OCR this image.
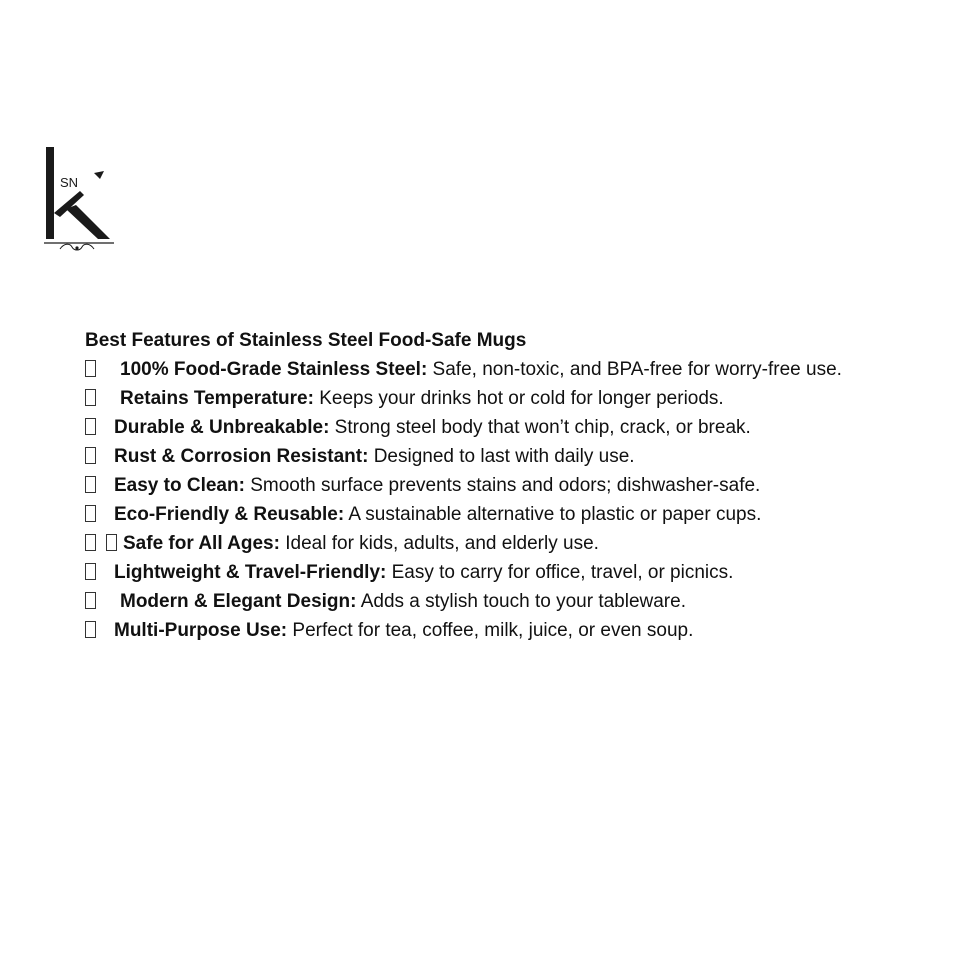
SN

Best Features of Stainless Steel Food-Safe Mugs

100% Food-Grade Stainless Steel: Safe, non-toxic, and BPA-free for worry-free use.
Retains Temperature: Keeps your drinks hot or cold for longer periods.
Durable & Unbreakable: Strong steel body that won’t chip, crack, or break.
Rust & Corrosion Resistant: Designed to last with daily use.
Easy to Clean: Smooth surface prevents stains and odors; dishwasher-safe.
Eco-Friendly & Reusable: A sustainable alternative to plastic or paper cups.
Safe for All Ages: Ideal for kids, adults, and elderly use.
Lightweight & Travel-Friendly: Easy to carry for office, travel, or picnics.
Modern & Elegant Design: Adds a stylish touch to your tableware.
Multi-Purpose Use: Perfect for tea, coffee, milk, juice, or even soup.
